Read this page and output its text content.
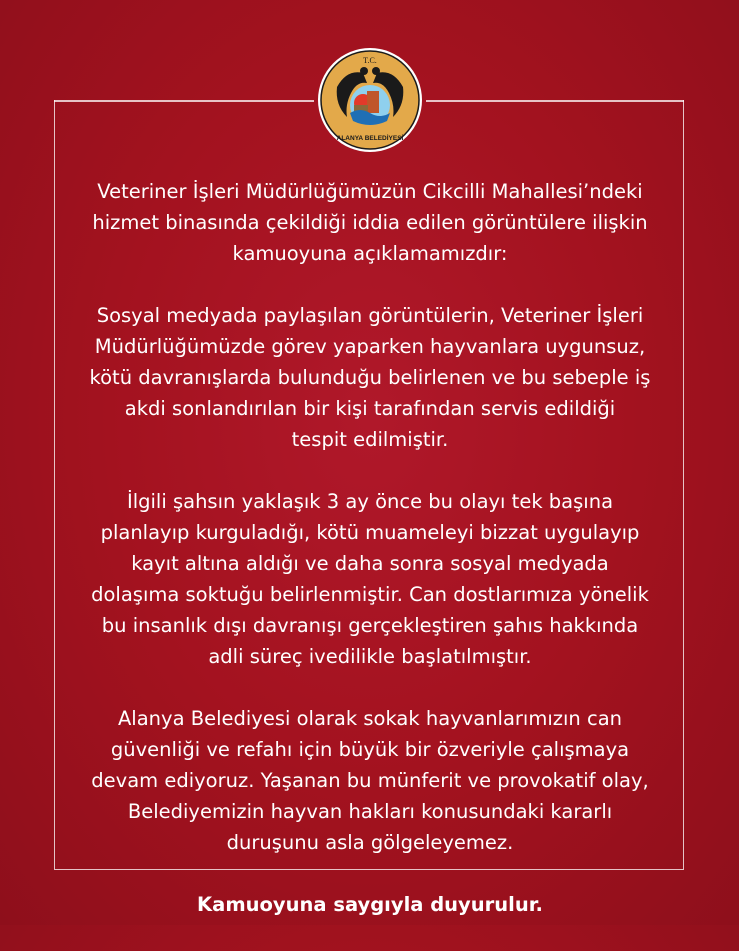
T.C.
ALANYA BELEDİYESİ

Veteriner İşleri Müdürlüğümüzün Cikcilli Mahallesi’ndeki
hizmet binasında çekildiği iddia edilen görüntülere ilişkin
kamuoyuna açıklamamızdır:

Sosyal medyada paylaşılan görüntülerin, Veteriner İşleri
Müdürlüğümüzde görev yaparken hayvanlara uygunsuz,
kötü davranışlarda bulunduğu belirlenen ve bu sebeple iş
akdi sonlandırılan bir kişi tarafından servis edildiği
tespit edilmiştir.

İlgili şahsın yaklaşık 3 ay önce bu olayı tek başına
planlayıp kurguladığı, kötü muameleyi bizzat uygulayıp
kayıt altına aldığı ve daha sonra sosyal medyada
dolaşıma soktuğu belirlenmiştir. Can dostlarımıza yönelik
bu insanlık dışı davranışı gerçekleştiren şahıs hakkında
adli süreç ivedilikle başlatılmıştır.

Alanya Belediyesi olarak sokak hayvanlarımızın can
güvenliği ve refahı için büyük bir özveriyle çalışmaya
devam ediyoruz. Yaşanan bu münferit ve provokatif olay,
Belediyemizin hayvan hakları konusundaki kararlı
duruşunu asla gölgeleyemez.

Kamuoyuna saygıyla duyurulur.
